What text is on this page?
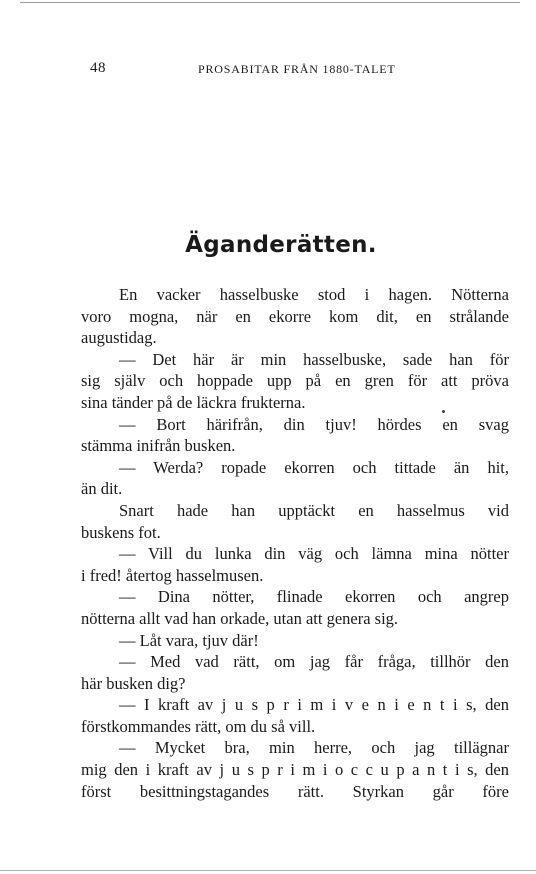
48	PROSABITAR FRÅN 1880-TALET
Äganderätten.
En vacker hasselbuske stod i hagen. Nötterna
voro mogna, när en ekorre kom dit, en strålande
augustidag.
— Det här är min hasselbuske, sade han för
sig själv och hoppade upp på en gren för att pröva
sina tänder på de läckra frukterna.
— Bort härifrån, din tjuv! hördes en svag
stämma inifrån busken.
— Werda? ropade ekorren och tittade än hit,
än dit.
Snart hade han upptäckt en hasselmus vid
buskens fot.
— Vill du lunka din väg och lämna mina nötter
i fred! återtog hasselmusen.
— Dina nötter, flinade ekorren och angrep
nötterna allt vad han orkade, utan att genera sig.
— Låt vara, tjuv där!
— Med vad rätt, om jag får fråga, tillhör den
här busken dig?
— I kraft av j u s p r i m i v e n i e n t i s, den
förstkommandes rätt, om du så vill.
— Mycket bra, min herre, och jag tillägnar
mig den i kraft av j u s p r i m i o c c u p a n t i s, den
först besittningstagandes rätt. Styrkan går före
